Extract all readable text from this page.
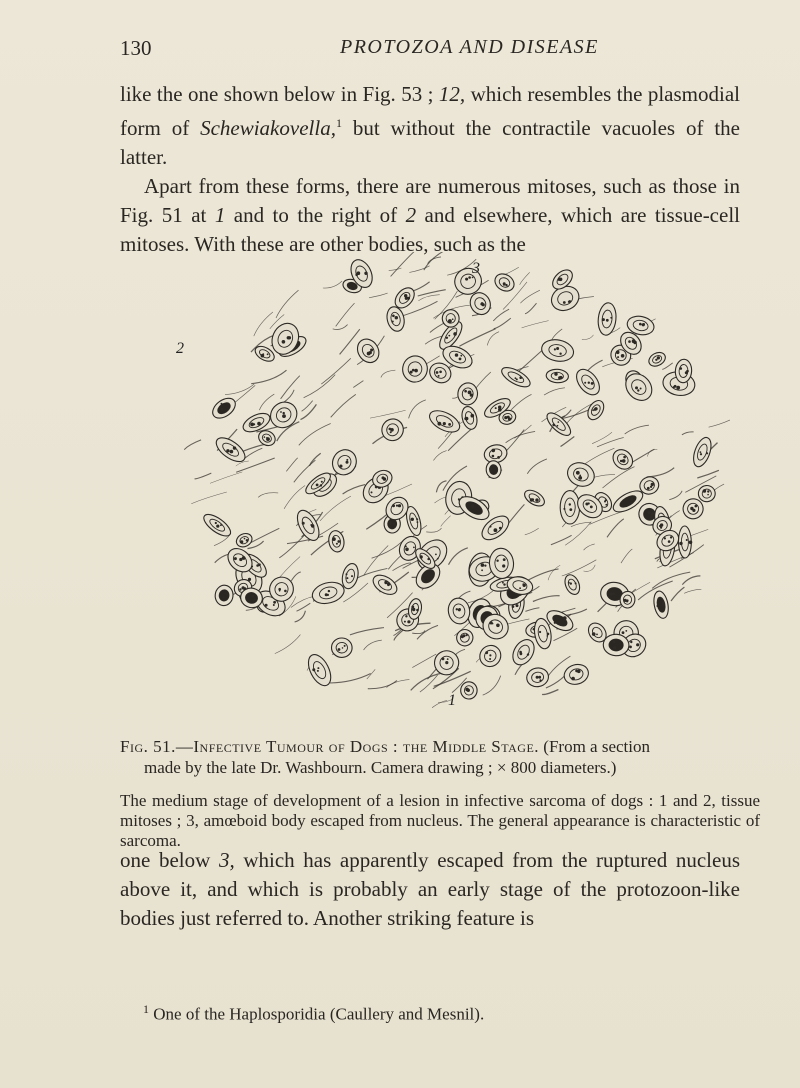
130	PROTOZOA AND DISEASE

like the one shown below in Fig. 53 ; 12, which resembles the plasmodial form of Schewiakovella,$^1$ but without the contractile vacuoles of the latter.

Apart from these forms, there are numerous mitoses, such as those in Fig. 51 at 1 and to the right of 2 and elsewhere, which are tissue-cell mitoses. With these are other bodies, such as the

2
3
1
Fig. 51.—Infective Tumour of Dogs : the Middle Stage. (From a section
made by the late Dr. Washbourn. Camera drawing ; × 800 diameters.)
The medium stage of development of a lesion in infective sarcoma of dogs : 1 and 2, tissue mitoses ; 3, amœboid body escaped from nucleus. The general appearance is characteristic of sarcoma.

one below 3, which has apparently escaped from the ruptured nucleus above it, and which is probably an early stage of the protozoon-like bodies just referred to. Another striking feature is

$^1$ One of the Haplosporidia (Caullery and Mesnil).
